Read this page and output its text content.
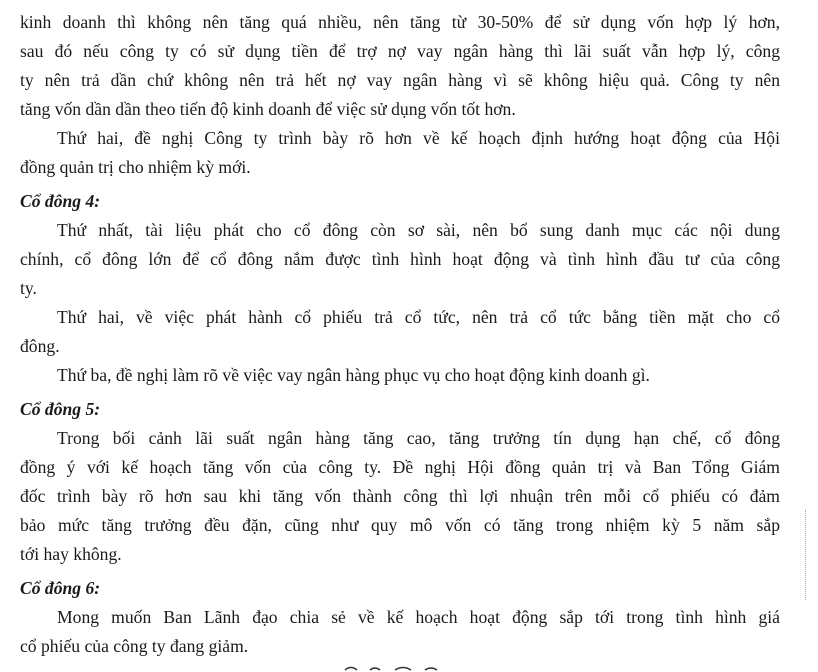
kinh doanh thì không nên tăng quá nhiều, nên tăng từ 30-50% để sử dụng vốn hợp lý hơn,
sau đó nếu công ty có sử dụng tiền để trợ nợ vay ngân hàng thì lãi suất vẫn hợp lý, công
ty nên trả dần chứ không nên trả hết nợ vay ngân hàng vì sẽ không hiệu quả. Công ty nên
tăng vốn dần dần theo tiến độ kinh doanh để việc sử dụng vốn tốt hơn.

Thứ hai, đề nghị Công ty trình bày rõ hơn về kế hoạch định hướng hoạt động của Hội
đồng quản trị cho nhiệm kỳ mới.

Cổ đông 4:

Thứ nhất, tài liệu phát cho cổ đông còn sơ sài, nên bổ sung danh mục các nội dung
chính, cổ đông lớn để cổ đông nắm được tình hình hoạt động và tình hình đầu tư của công
ty.

Thứ hai, về việc phát hành cổ phiếu trả cổ tức, nên trả cổ tức bằng tiền mặt cho cổ
đông.

Thứ ba, đề nghị làm rõ về việc vay ngân hàng phục vụ cho hoạt động kinh doanh gì.

Cổ đông 5:

Trong bối cảnh lãi suất ngân hàng tăng cao, tăng trưởng tín dụng hạn chế, cổ đông
đồng ý với kế hoạch tăng vốn của công ty. Đề nghị Hội đồng quản trị và Ban Tổng Giám
đốc trình bày rõ hơn sau khi tăng vốn thành công thì lợi nhuận trên mỗi cổ phiếu có đảm
bảo mức tăng trưởng đều đặn, cũng như quy mô vốn có tăng trong nhiệm kỳ 5 năm sắp
tới hay không.

Cổ đông 6:

Mong muốn Ban Lãnh đạo chia sẻ về kế hoạch hoạt động sắp tới trong tình hình giá
cổ phiếu của công ty đang giảm.
